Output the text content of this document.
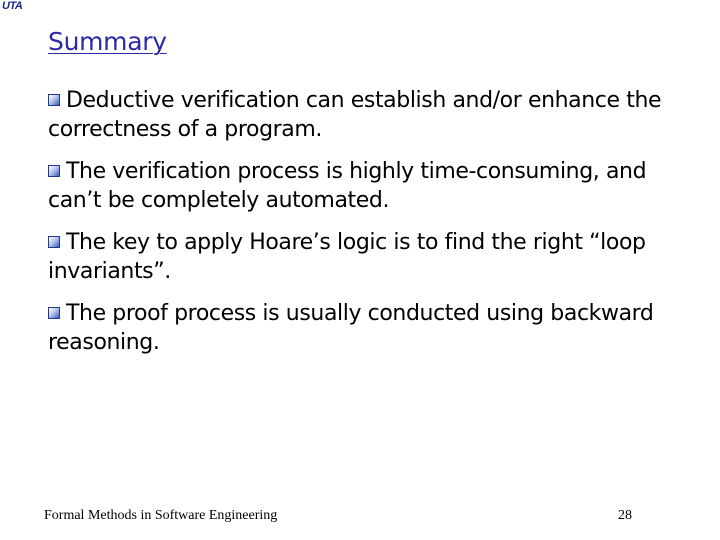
UTA
Summary
Deductive verification can establish and/or enhance the correctness of a program.
The verification process is highly time-consuming, and can’t be completely automated.
The key to apply Hoare’s logic is to find the right “loop invariants”.
The proof process is usually conducted using backward reasoning.
Formal Methods in Software Engineering	28
